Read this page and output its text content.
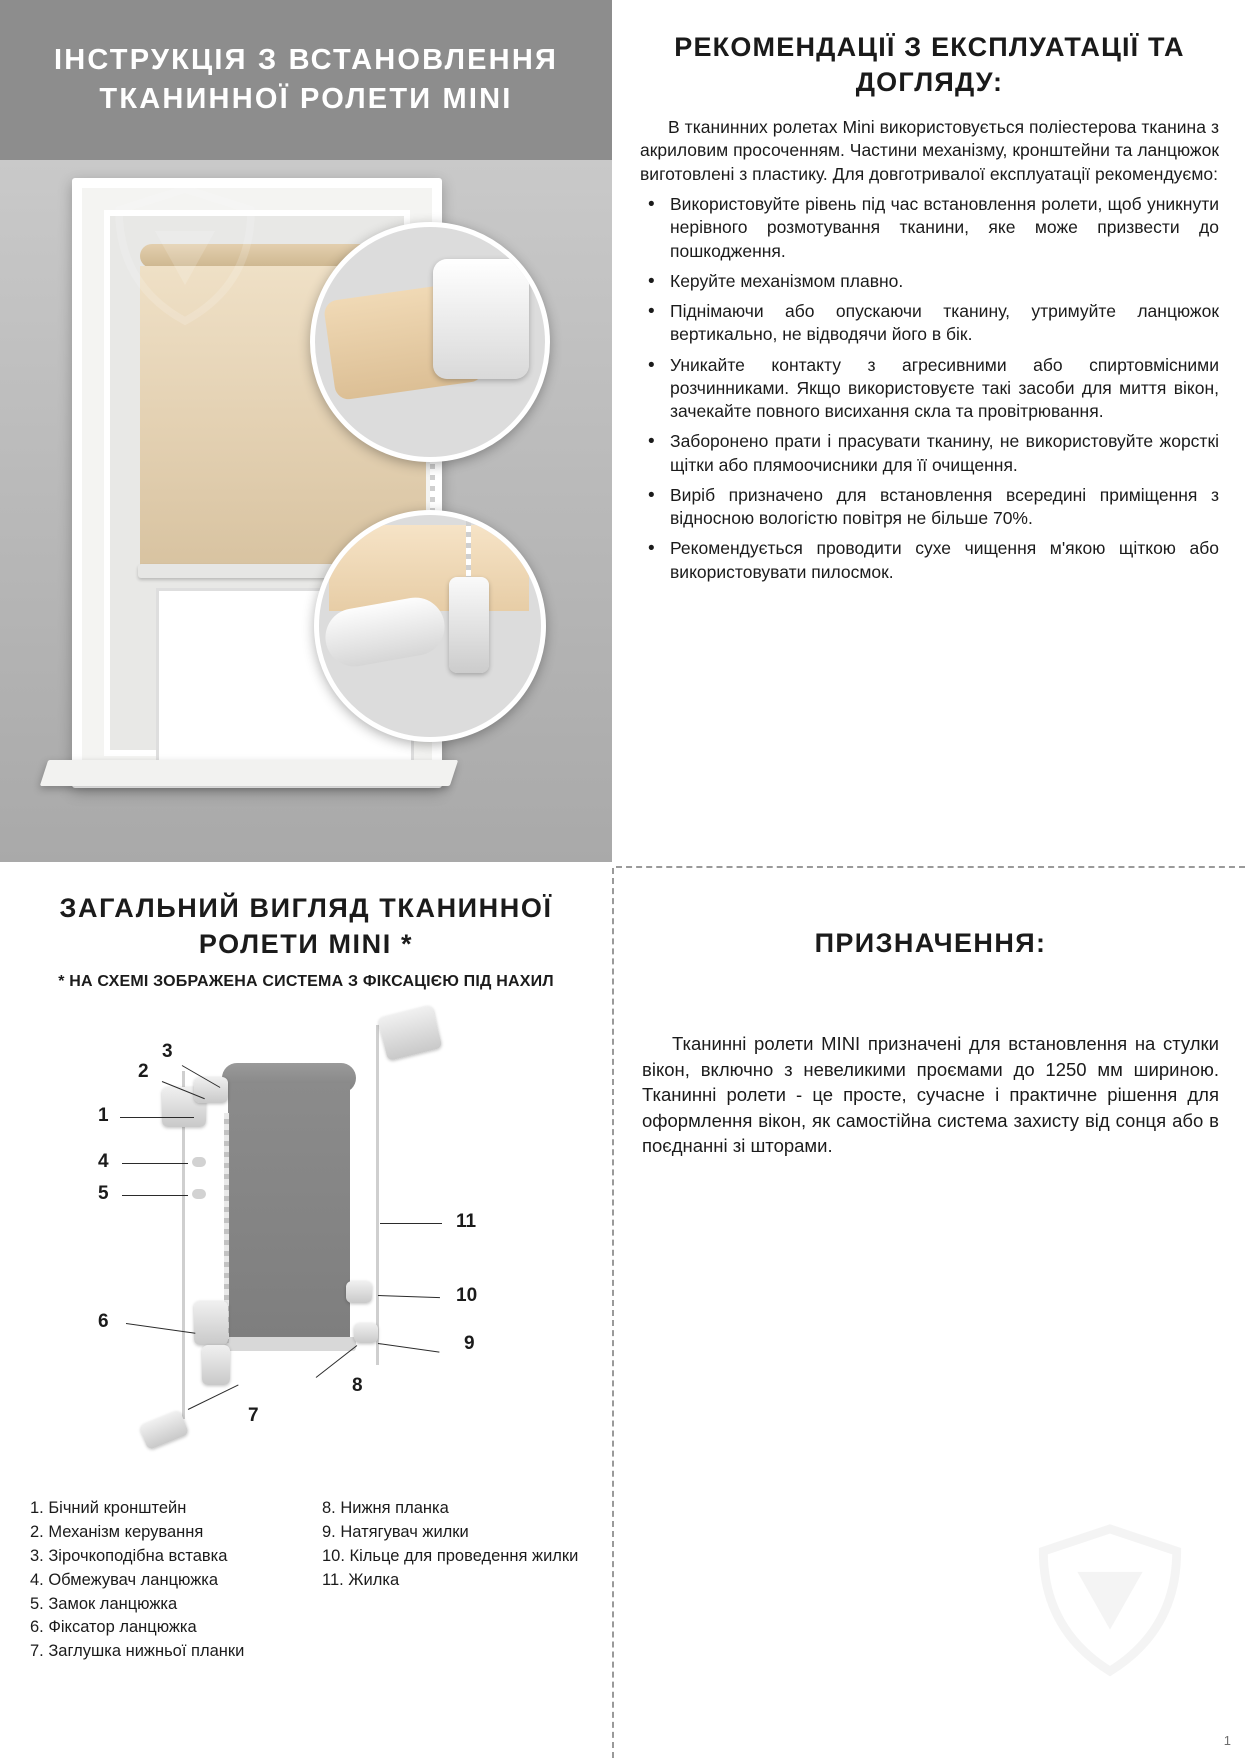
ІНСТРУКЦІЯ З ВСТАНОВЛЕННЯ ТКАНИННОЇ РОЛЕТИ MINI
РЕКОМЕНДАЦІЇ З ЕКСПЛУАТАЦІЇ ТА ДОГЛЯДУ:

В тканинних ролетах Mini використовується поліестерова тканина з акриловим просоченням. Частини механізму, кронштейни та ланцюжок виготовлені з пластику. Для довготривалої експлуатації рекомендуємо:

• Використовуйте рівень під час встановлення ролети, щоб уникнути нерівного розмотування тканини, яке може призвести до пошкодження.
• Керуйте механізмом плавно.
• Піднімаючи або опускаючи тканину, утримуйте ланцюжок вертикально, не відводячи його в бік.
• Уникайте контакту з агресивними або спиртовмісними розчинниками. Якщо використовуєте такі засоби для миття вікон, зачекайте повного висихання скла та провітрювання.
• Заборонено прати і прасувати тканину, не використовуйте жорсткі щітки або плямоочисники для її очищення.
• Виріб призначено для встановлення всередині приміщення з відносною вологістю повітря не більше 70%.
• Рекомендується проводити сухе чищення м'якою щіткою або використовувати пилосмок.
ЗАГАЛЬНИЙ ВИГЛЯД ТКАНИННОЇ РОЛЕТИ MINI *
* НА СХЕМІ ЗОБРАЖЕНА СИСТЕМА З ФІКСАЦІЄЮ ПІД НАХИЛ
1
2
3
4
5
6
7
8
9
10
11
1. Бічний кронштейн
2. Механізм керування
3. Зірочкоподібна вставка
4. Обмежувач ланцюжка
5. Замок ланцюжка
6. Фіксатор ланцюжка
7. Заглушка нижньої планки
8. Нижня планка
9. Натягувач жилки
10. Кільце для проведення жилки
11. Жилка
ПРИЗНАЧЕННЯ:

Тканинні ролети MINI призначені для встановлення на стулки вікон, включно з невеликими проємами до 1250 мм шириною. Тканинні ролети - це просте, сучасне і практичне рішення для оформлення вікон, як самостійна система захисту від сонця або в поєднанні зі шторами.

1
